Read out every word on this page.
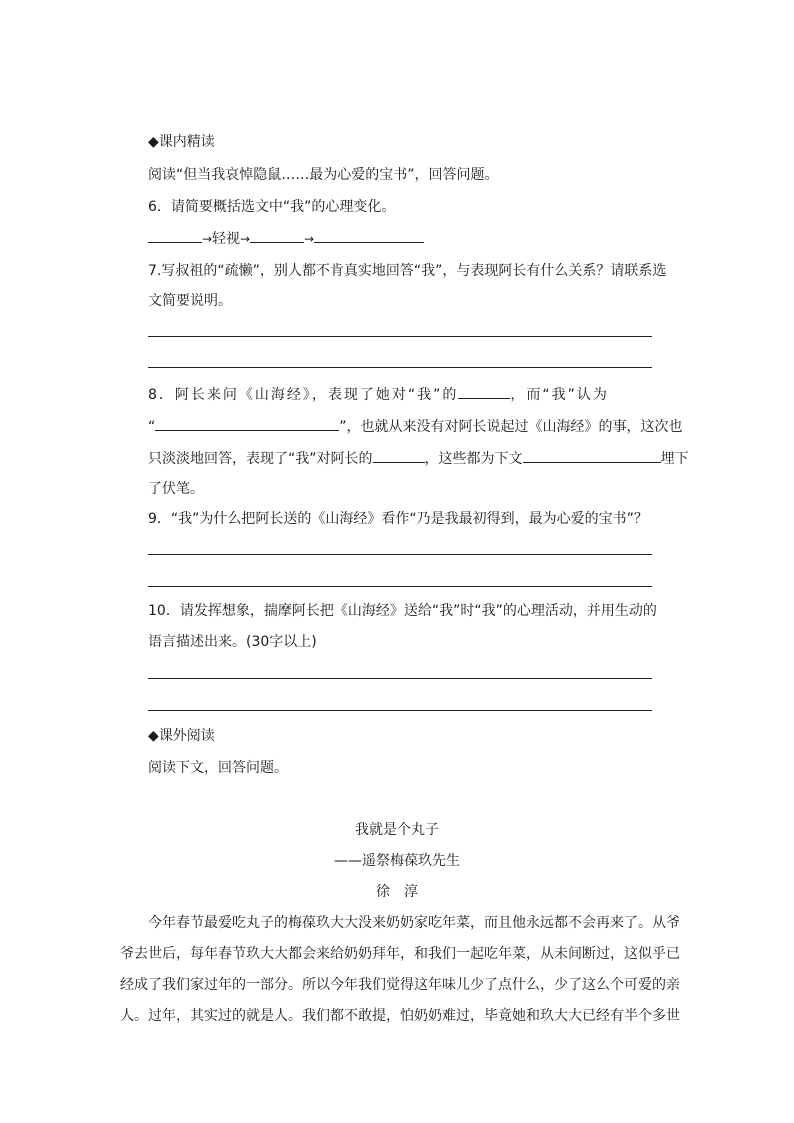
◆课内精读
阅读“但当我哀悼隐鼠……最为心爱的宝书”，回答问题。
6．请简要概括选文中“我”的心理变化。
→轻视→	→
7.写叔祖的“疏懒”，别人都不肯真实地回答“我”，与表现阿长有什么关系？请联系选
文简要说明。
8．阿长来问《山海经》，表现了她对“我”的	，而“我”认为
“	”，也就从来没有对阿长说起过《山海经》的事，这次也
只淡淡地回答，表现了“我”对阿长的	，这些都为下文	埋下
了伏笔。
9．“我”为什么把阿长送的《山海经》看作“乃是我最初得到，最为心爱的宝书”？
10．请发挥想象，揣摩阿长把《山海经》送给“我”时“我”的心理活动，并用生动的
语言描述出来。(30字以上)
◆课外阅读
阅读下文，回答问题。
我就是个丸子
——遥祭梅葆玖先生
徐　淳
今年春节最爱吃丸子的梅葆玖大大没来奶奶家吃年菜，而且他永远都不会再来了。从爷
爷去世后，每年春节玖大大都会来给奶奶拜年，和我们一起吃年菜，从未间断过，这似乎已
经成了我们家过年的一部分。所以今年我们觉得这年味儿少了点什么，少了这么个可爱的亲
人。过年，其实过的就是人。我们都不敢提，怕奶奶难过，毕竟她和玖大大已经有半个多世
